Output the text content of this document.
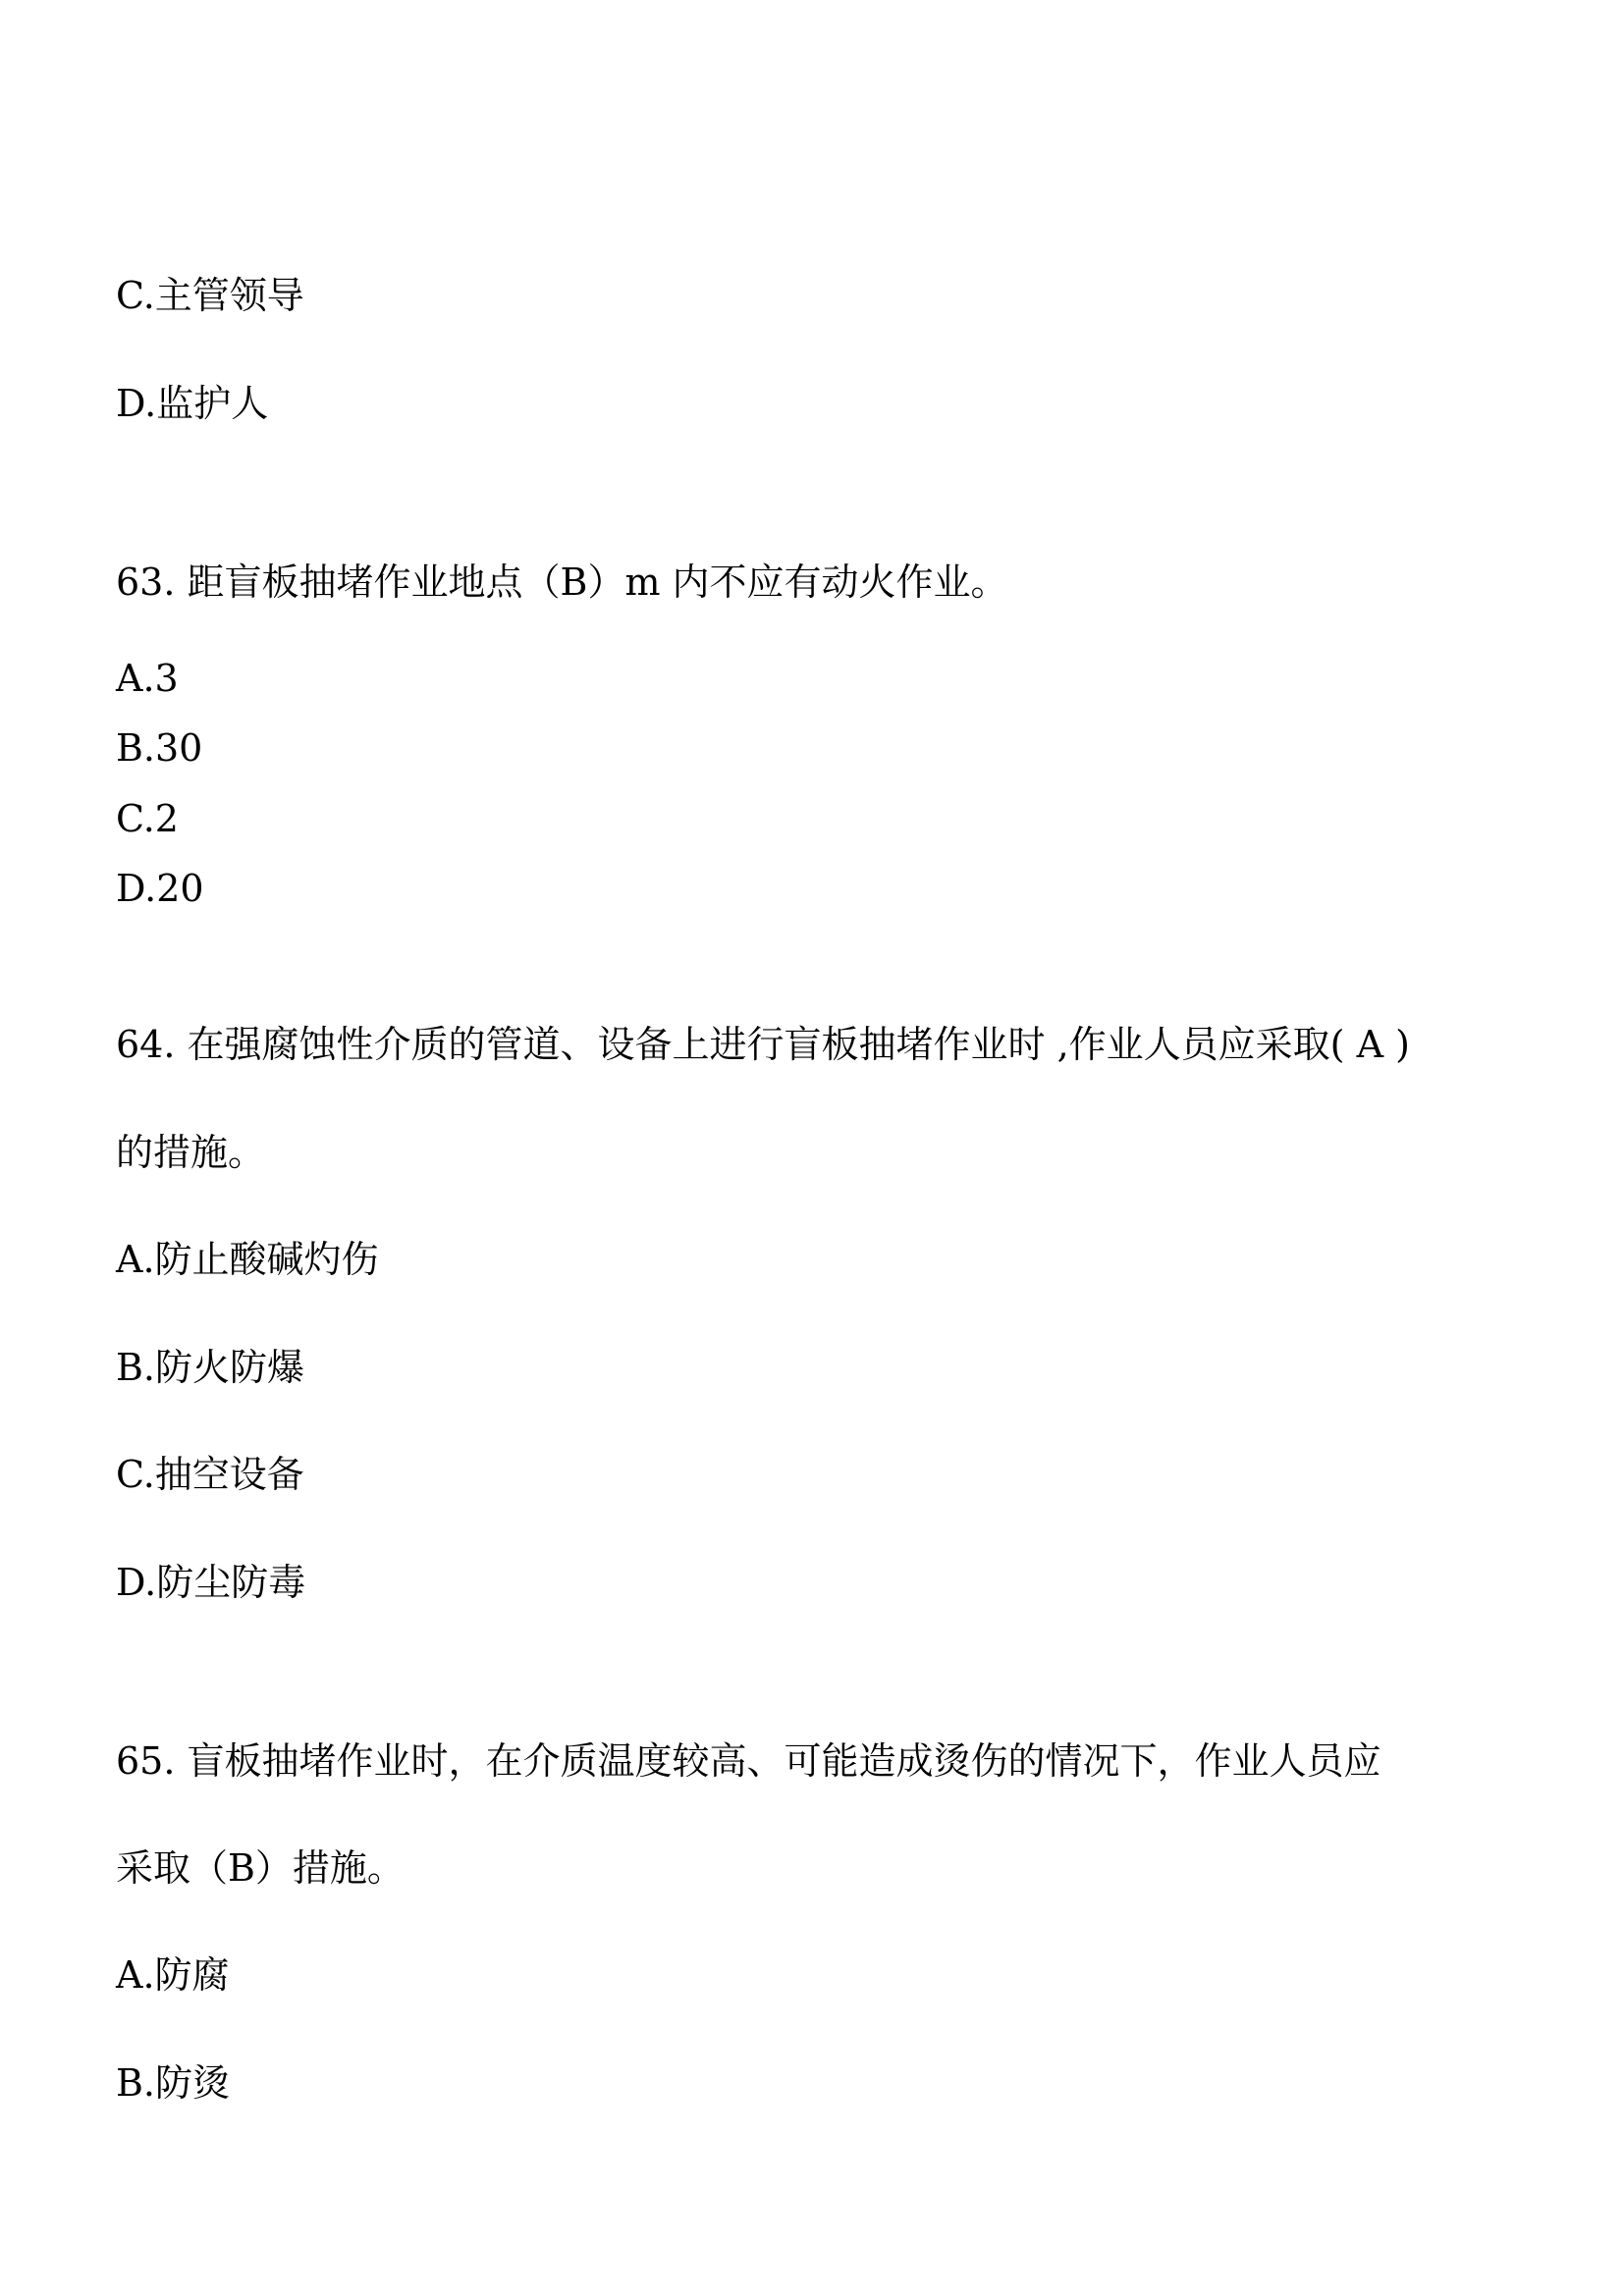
C.主管领导
D.监护人
63. 距盲板抽堵作业地点（B）m 内不应有动火作业。
A.3
B.30
C.2
D.20
64. 在强腐蚀性介质的管道、设备上进行盲板抽堵作业时 ,作业人员应采取( A )
的措施。
A.防止酸碱灼伤
B.防火防爆
C.抽空设备
D.防尘防毒
65. 盲板抽堵作业时，在介质温度较高、可能造成烫伤的情况下，作业人员应
采取（B）措施。
A.防腐
B.防烫
